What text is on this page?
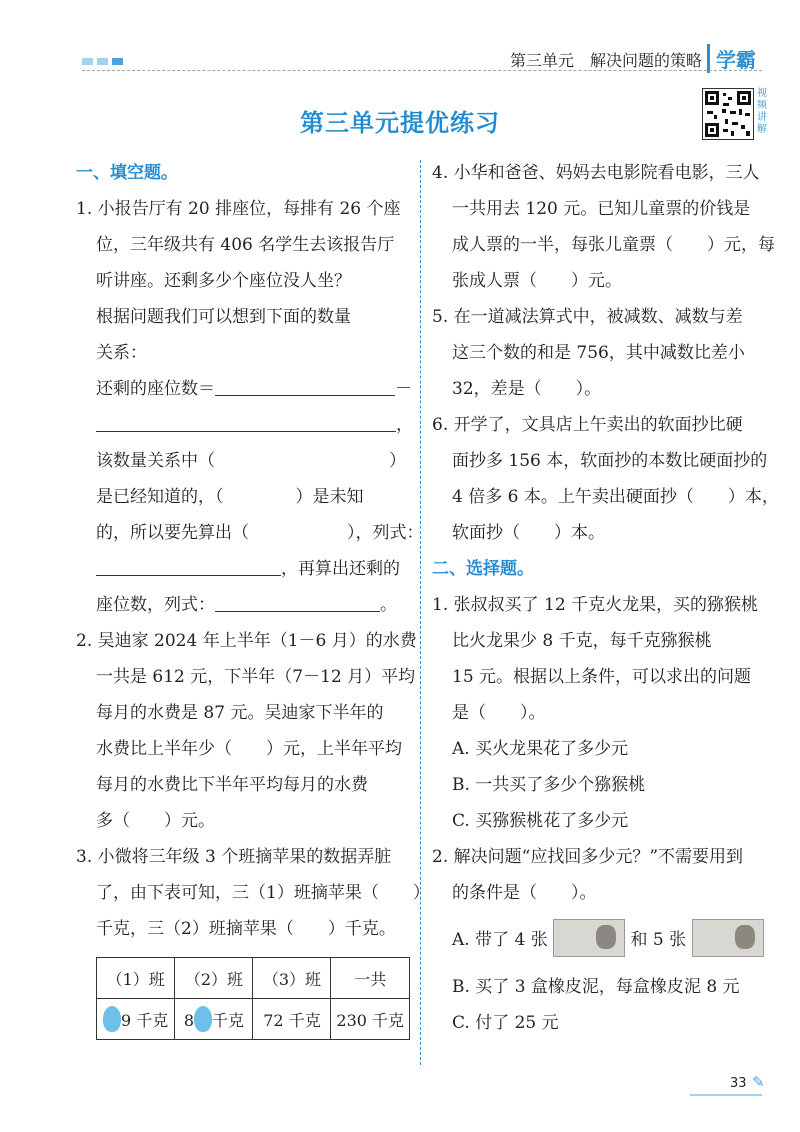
第三单元 解决问题的策略 学霸
第三单元提优练习
视频讲解
一、填空题。
1. 小报告厅有 20 排座位，每排有 26 个座
位，三年级共有 406 名学生去该报告厅
听讲座。还剩多少个座位没人坐？
根据问题我们可以想到下面的数量
关系：
还剩的座位数＝	－
，
该数量关系中（	）
是已经知道的，（	）是未知
的，所以要先算出（	），列式：
，再算出还剩的
座位数，列式：	。
2. 吴迪家 2024 年上半年（1－6 月）的水费
一共是 612 元，下半年（7－12 月）平均
每月的水费是 87 元。吴迪家下半年的
水费比上半年少（　　）元，上半年平均
每月的水费比下半年平均每月的水费
多（　　）元。
3. 小微将三年级 3 个班摘苹果的数据弄脏
了，由下表可知，三（1）班摘苹果（　　）
千克，三（2）班摘苹果（　　）千克。
（1）班	（2）班	（3）班	一共
9 千克	8 千克	72 千克	230 千克
4. 小华和爸爸、妈妈去电影院看电影，三人
一共用去 120 元。已知儿童票的价钱是
成人票的一半，每张儿童票（　　）元，每
张成人票（　　）元。
5. 在一道减法算式中，被减数、减数与差
这三个数的和是 756，其中减数比差小
32，差是（　　）。
6. 开学了，文具店上午卖出的软面抄比硬
面抄多 156 本，软面抄的本数比硬面抄的
4 倍多 6 本。上午卖出硬面抄（　　）本，
软面抄（　　）本。
二、选择题。
1. 张叔叔买了 12 千克火龙果，买的猕猴桃
比火龙果少 8 千克，每千克猕猴桃
15 元。根据以上条件，可以求出的问题
是（　　）。
A. 买火龙果花了多少元
B. 一共买了多少个猕猴桃
C. 买猕猴桃花了多少元
2. 解决问题“应找回多少元？”不需要用到
的条件是（　　）。
A. 带了 4 张	和 5 张
B. 买了 3 盒橡皮泥，每盒橡皮泥 8 元
C. 付了 25 元
33 ✎
